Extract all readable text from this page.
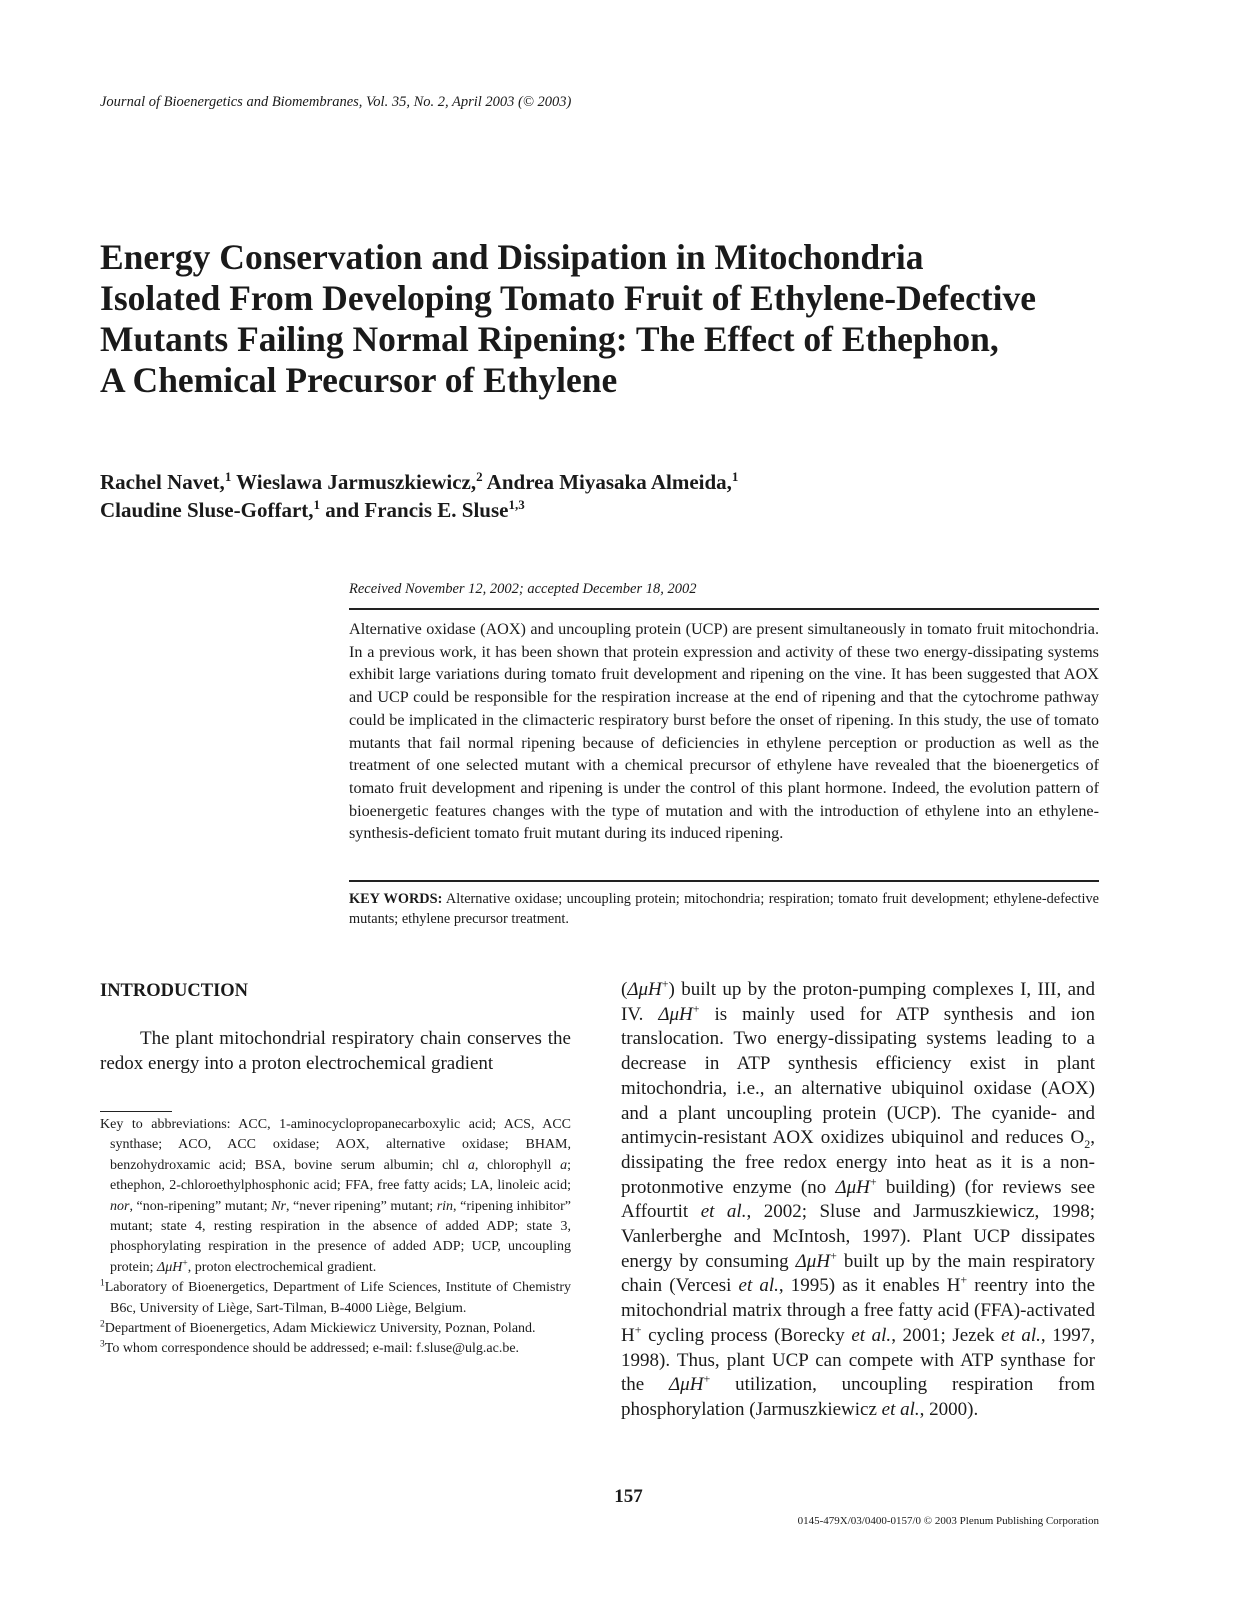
Journal of Bioenergetics and Biomembranes, Vol. 35, No. 2, April 2003 (© 2003)
Energy Conservation and Dissipation in Mitochondria
Isolated From Developing Tomato Fruit of Ethylene-Defective
Mutants Failing Normal Ripening: The Effect of Ethephon,
A Chemical Precursor of Ethylene
Rachel Navet,$^1$ Wieslawa Jarmuszkiewicz,$^2$ Andrea Miyasaka Almeida,$^1$
Claudine Sluse-Goffart,$^1$ and Francis E. Sluse$^{1,3}$
Received November 12, 2002; accepted December 18, 2002

Alternative oxidase (AOX) and uncoupling protein (UCP) are present simultaneously in tomato fruit mitochondria. In a previous work, it has been shown that protein expression and activity of these two energy-dissipating systems exhibit large variations during tomato fruit development and ripening on the vine. It has been suggested that AOX and UCP could be responsible for the respiration increase at the end of ripening and that the cytochrome pathway could be implicated in the climacteric respiratory burst before the onset of ripening. In this study, the use of tomato mutants that fail normal ripening because of deficiencies in ethylene perception or production as well as the treatment of one selected mutant with a chemical precursor of ethylene have revealed that the bioenergetics of tomato fruit development and ripening is under the control of this plant hormone. Indeed, the evolution pattern of bioenergetic features changes with the type of mutation and with the introduction of ethylene into an ethylene-synthesis-deficient tomato fruit mutant during its induced ripening.

KEY WORDS: Alternative oxidase; uncoupling protein; mitochondria; respiration; tomato fruit development; ethylene-defective mutants; ethylene precursor treatment.

INTRODUCTION

The plant mitochondrial respiratory chain conserves the redox energy into a proton electrochemical gradient

Key to abbreviations: ACC, 1-aminocyclopropanecarboxylic acid; ACS, ACC synthase; ACO, ACC oxidase; AOX, alternative oxidase; BHAM, benzohydroxamic acid; BSA, bovine serum albumin; chl a, chlorophyll a; ethephon, 2-chloroethylphosphonic acid; FFA, free fatty acids; LA, linoleic acid; nor, “non-ripening” mutant; Nr, “never ripening” mutant; rin, “ripening inhibitor” mutant; state 4, resting respiration in the absence of added ADP; state 3, phosphorylating respiration in the presence of added ADP; UCP, uncoupling protein; ΔμH+, proton electrochemical gradient.

$^1$Laboratory of Bioenergetics, Department of Life Sciences, Institute of Chemistry B6c, University of Liège, Sart-Tilman, B-4000 Liège, Belgium.

$^2$Department of Bioenergetics, Adam Mickiewicz University, Poznan, Poland.

$^3$To whom correspondence should be addressed; e-mail: f.sluse@ulg.ac.be.

(ΔμH+) built up by the proton-pumping complexes I, III, and IV. ΔμH+ is mainly used for ATP synthesis and ion translocation. Two energy-dissipating systems leading to a decrease in ATP synthesis efficiency exist in plant mitochondria, i.e., an alternative ubiquinol oxidase (AOX) and a plant uncoupling protein (UCP). The cyanide- and antimycin-resistant AOX oxidizes ubiquinol and reduces $O_2$, dissipating the free redox energy into heat as it is a non-protonmotive enzyme (no ΔμH+ building) (for reviews see Affourtit et al., 2002; Sluse and Jarmuszkiewicz, 1998; Vanlerberghe and McIntosh, 1997). Plant UCP dissipates energy by consuming ΔμH+ built up by the main respiratory chain (Vercesi et al., 1995) as it enables H+ reentry into the mitochondrial matrix through a free fatty acid (FFA)-activated H+ cycling process (Borecky et al., 2001; Jezek et al., 1997, 1998). Thus, plant UCP can compete with ATP synthase for the ΔμH+ utilization, uncoupling respiration from phosphorylation (Jarmuszkiewicz et al., 2000).

157
0145-479X/03/0400-0157/0 © 2003 Plenum Publishing Corporation
